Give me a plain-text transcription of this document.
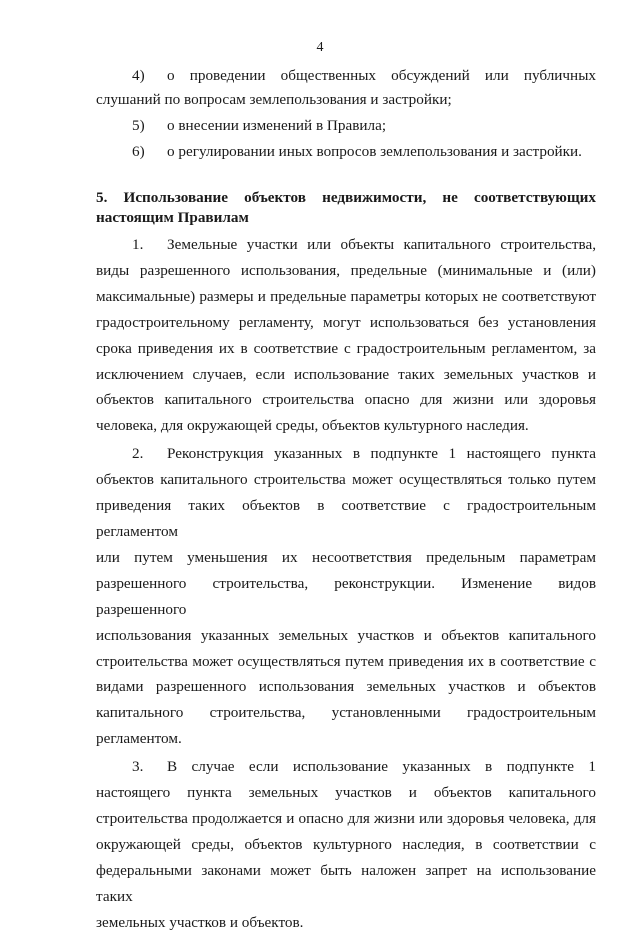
4
4) о проведении общественных обсуждений или публичных
слушаний по вопросам землепользования и застройки;
5) о внесении изменений в Правила;
6) о регулировании иных вопросов землепользования и застройки.
5. Использование объектов недвижимости, не соответствующих
настоящим Правилам
1. Земельные участки или объекты капитального строительства,
виды разрешенного использования, предельные (минимальные и (или)
максимальные) размеры и предельные параметры которых не соответствуют
градостроительному регламенту, могут использоваться без установления
срока приведения их в соответствие с градостроительным регламентом, за
исключением случаев, если использование таких земельных участков и
объектов капитального строительства опасно для жизни или здоровья
человека, для окружающей среды, объектов культурного наследия.
2. Реконструкция указанных в подпункте 1 настоящего пункта
объектов капитального строительства может осуществляться только путем
приведения таких объектов в соответствие с градостроительным регламентом
или путем уменьшения их несоответствия предельным параметрам
разрешенного строительства, реконструкции. Изменение видов разрешенного
использования указанных земельных участков и объектов капитального
строительства может осуществляться путем приведения их в соответствие с
видами разрешенного использования земельных участков и объектов
капитального строительства, установленными градостроительным
регламентом.
3. В случае если использование указанных в подпункте 1
настоящего пункта земельных участков и объектов капитального
строительства продолжается и опасно для жизни или здоровья человека, для
окружающей среды, объектов культурного наследия, в соответствии с
федеральными законами может быть наложен запрет на использование таких
земельных участков и объектов.
